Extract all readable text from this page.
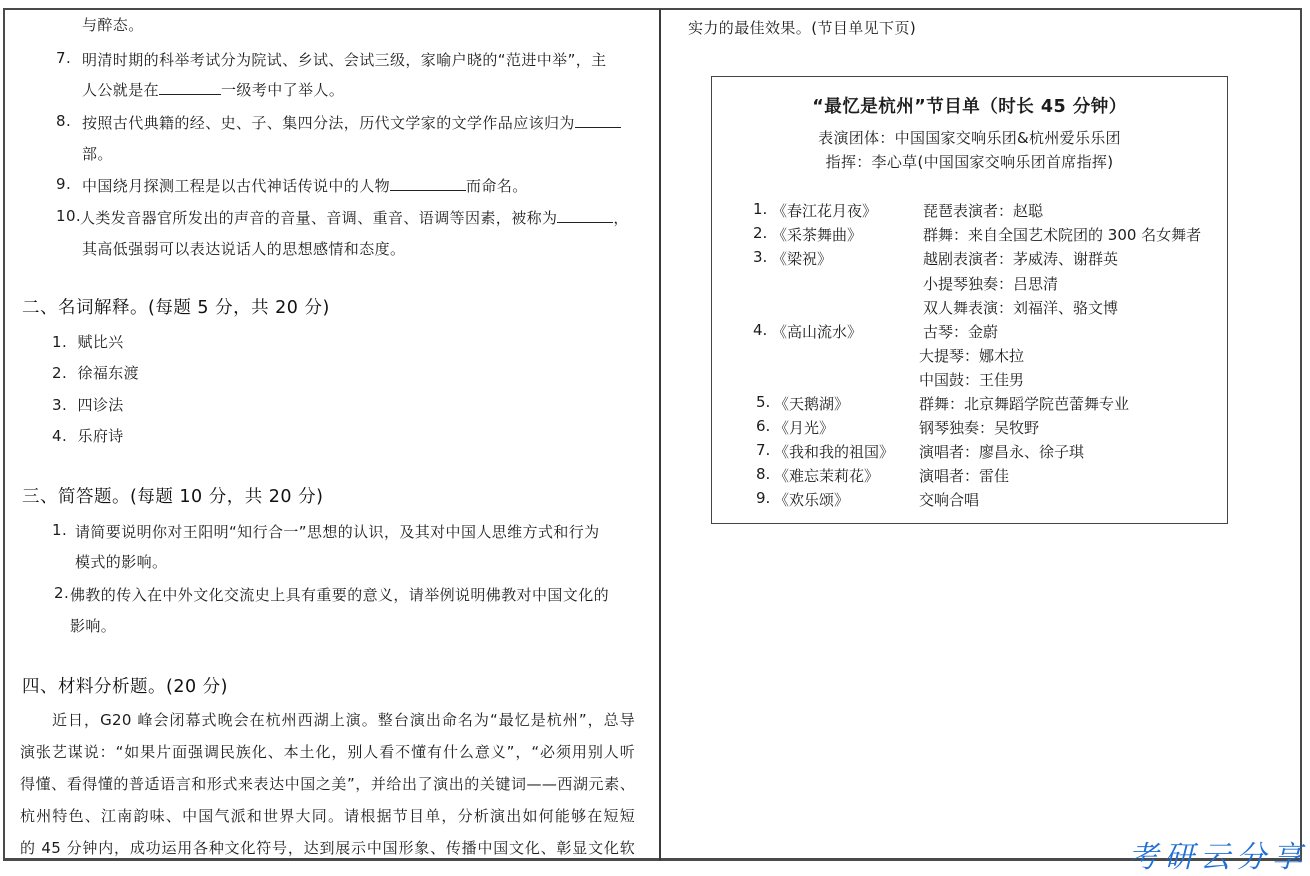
与醉态。
7. 明清时期的科举考试分为院试、乡试、会试三级，家喻户晓的“范进中举”，主
人公就是在	一级考中了举人。
8. 按照古代典籍的经、史、子、集四分法，历代文学家的文学作品应该归为
部。
9. 中国绕月探测工程是以古代神话传说中的人物	而命名。
10.
人类发音器官所发出的声音的音量、音调、重音、语调等因素，被称为	，
其高低强弱可以表达说话人的思想感情和态度。
二、名词解释。(每题 5 分，共 20 分)
1. 赋比兴
2. 徐福东渡
3. 四诊法
4. 乐府诗
三、简答题。(每题 10 分，共 20 分)
1. 请简要说明你对王阳明“知行合一”思想的认识，及其对中国人思维方式和行为
模式的影响。
2. 佛教的传入在中外文化交流史上具有重要的意义，请举例说明佛教对中国文化的
影响。
四、材料分析题。(20 分)
近日，G20 峰会闭幕式晚会在杭州西湖上演。整台演出命名为“最忆是杭州”，总导
演张艺谋说：“如果片面强调民族化、本土化，别人看不懂有什么意义”，“必须用别人听
得懂、看得懂的普适语言和形式来表达中国之美”，并给出了演出的关键词——西湖元素、
杭州特色、江南韵味、中国气派和世界大同。请根据节目单，分析演出如何能够在短短
的 45 分钟内，成功运用各种文化符号，达到展示中国形象、传播中国文化、彰显文化软
实力的最佳效果。(节目单见下页)
“最忆是杭州”节目单（时长 45 分钟）
表演团体：中国国家交响乐团&杭州爱乐乐团
指挥：李心草(中国国家交响乐团首席指挥)
1. 《春江花月夜》	琵琶表演者：赵聪
2. 《采茶舞曲》	群舞：来自全国艺术院团的 300 名女舞者
3. 《梁祝》	越剧表演者：茅威涛、谢群英
小提琴独奏：吕思清
双人舞表演：刘福洋、骆文博
4. 《高山流水》	古琴：金蔚
大提琴：娜木拉
中国鼓：王佳男
5. 《天鹅湖》	群舞：北京舞蹈学院芭蕾舞专业
6. 《月光》	钢琴独奏：吴牧野
7. 《我和我的祖国》 演唱者：廖昌永、徐子琪
8. 《难忘茉莉花》	演唱者：雷佳
9. 《欢乐颂》	交响合唱
考研云分享
